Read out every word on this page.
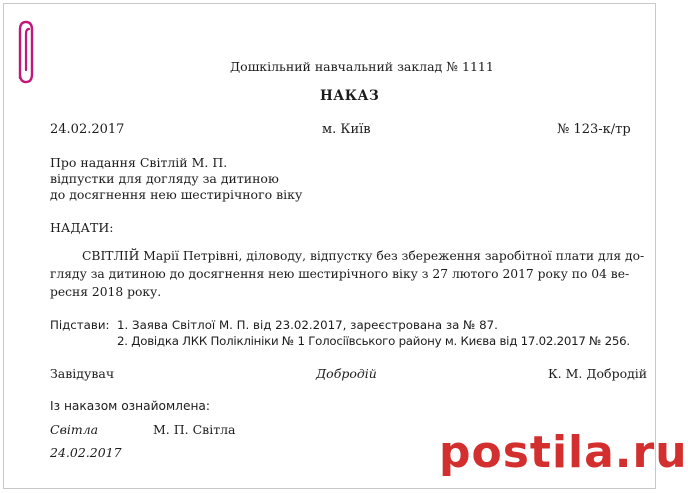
Дошкільний навчальний заклад № 1111
НАКАЗ
24.02.2017	м. Київ	№ 123-к/тр
Про надання Світлій М. П.
відпустки для догляду за дитиною
до досягнення нею шестирічного віку
НАДАТИ:
СВІТЛІЙ Марії Петрівні, діловоду, відпустку без збереження заробітної плати для до-
гляду за дитиною до досягнення нею шестирічного віку з 27 лютого 2017 року по 04 ве-
ресня 2018 року.
Підстави: 1. Заява Світлої М. П. від 23.02.2017, зареєстрована за № 87.
2. Довідка ЛКК Поліклініки № 1 Голосіївського району м. Києва від 17.02.2017 № 256.
Завідувач	Добродій	К. М. Добродій
Із наказом ознайомлена:
Світла	М. П. Світла
24.02.2017	postila.ru
